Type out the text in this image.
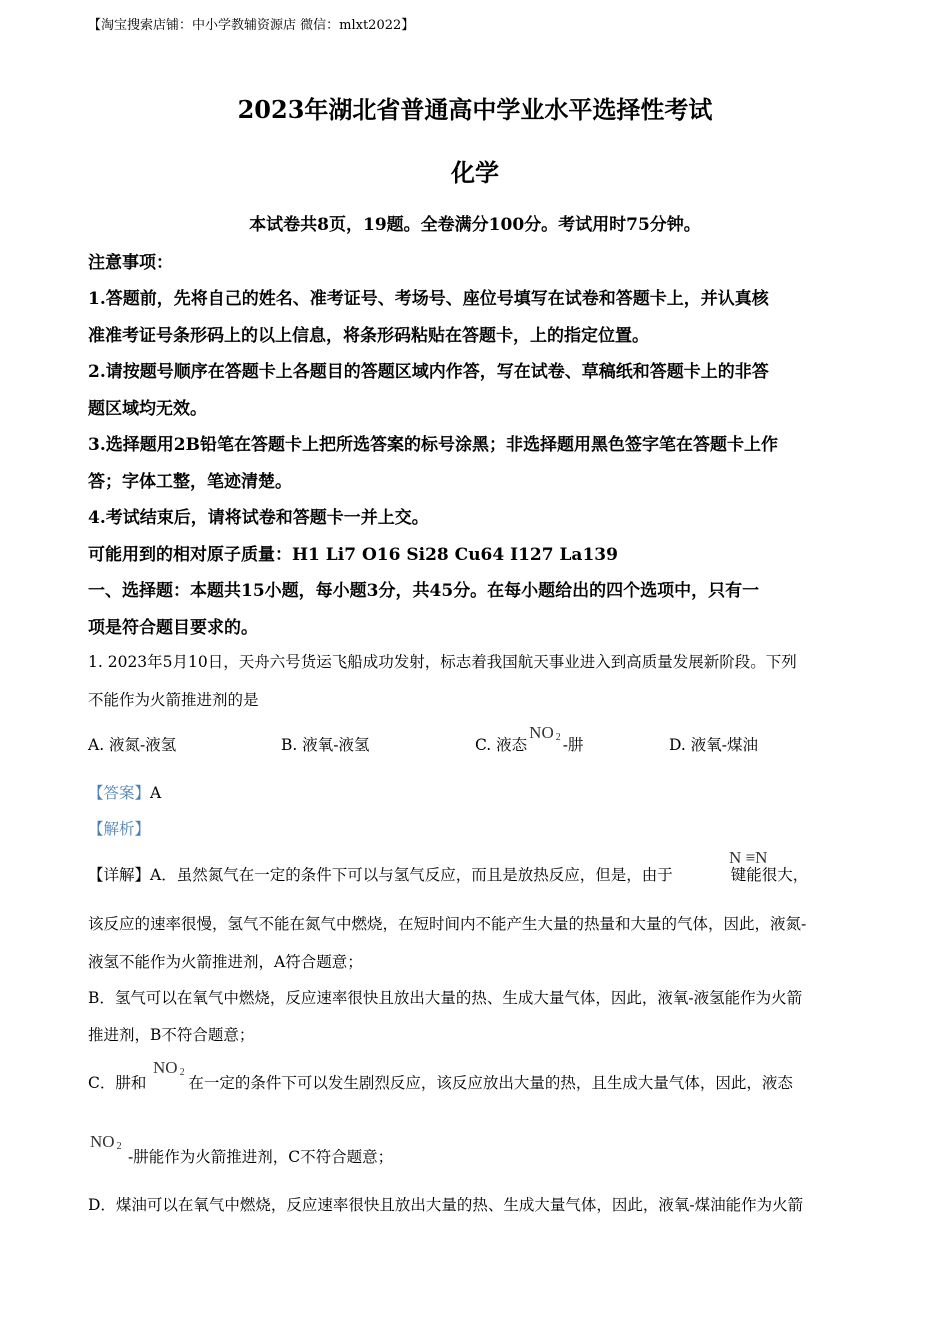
【淘宝搜索店铺：中小学教辅资源店 微信：mlxt2022】
2023年湖北省普通高中学业水平选择性考试
化学
本试卷共8页，19题。全卷满分100分。考试用时75分钟。
注意事项：
1.答题前，先将自己的姓名、准考证号、考场号、座位号填写在试卷和答题卡上，并认真核
准准考证号条形码上的以上信息，将条形码粘贴在答题卡，上的指定位置。
2.请按题号顺序在答题卡上各题目的答题区域内作答，写在试卷、草稿纸和答题卡上的非答
题区域均无效。
3.选择题用2B铅笔在答题卡上把所选答案的标号涂黑；非选择题用黑色签字笔在答题卡上作
答；字体工整，笔迹清楚。
4.考试结束后，请将试卷和答题卡一并上交。
可能用到的相对原子质量：H1 Li7 O16 Si28 Cu64 I127 La139
一、选择题：本题共15小题，每小题3分，共45分。在每小题给出的四个选项中，只有一
项是符合题目要求的。
1. 2023年5月10日，天舟六号货运飞船成功发射，标志着我国航天事业进入到高质量发展新阶段。下列
不能作为火箭推进剂的是
A. 液氮-液氢	B. 液氧-液氢	C. 液态NO $_2$ -肼	D. 液氧-煤油
【答案】A
【解析】
N ≡N
【详解】A．虽然氮气在一定的条件下可以与氢气反应，而且是放热反应，但是，由于	键能很大，
该反应的速率很慢，氢气不能在氮气中燃烧，在短时间内不能产生大量的热量和大量的气体，因此，液氮-
液氢不能作为火箭推进剂，A符合题意；
B．氢气可以在氧气中燃烧，反应速率很快且放出大量的热、生成大量气体，因此，液氧-液氢能作为火箭
推进剂，B不符合题意；
NO $_2$
C．肼和	在一定的条件下可以发生剧烈反应，该反应放出大量的热，且生成大量气体，因此，液态
NO $_2$
-肼能作为火箭推进剂，C不符合题意；
D．煤油可以在氧气中燃烧，反应速率很快且放出大量的热、生成大量气体，因此，液氧-煤油能作为火箭
